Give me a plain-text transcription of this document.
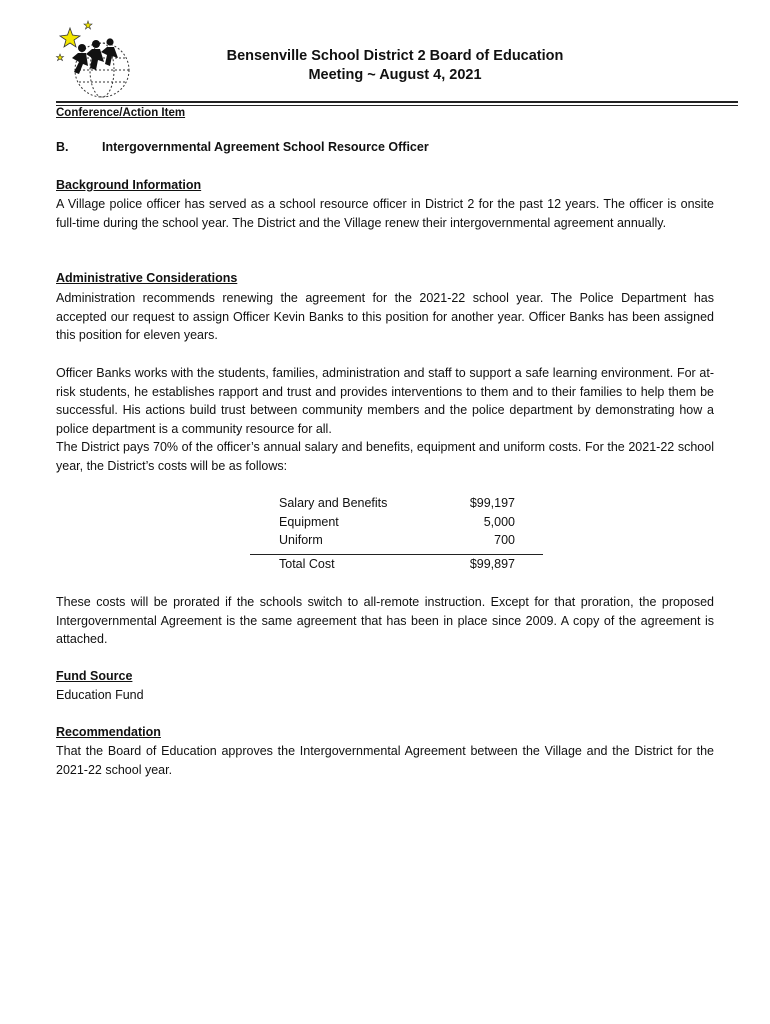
Bensenville School District 2 Board of Education
Meeting ~ August 4, 2021
Conference/Action Item
B.	Intergovernmental Agreement School Resource Officer
Background Information

A Village police officer has served as a school resource officer in District 2 for the past 12 years. The officer is onsite full-time during the school year. The District and the Village renew their intergovernmental agreement annually.

Administrative Considerations

Administration recommends renewing the agreement for the 2021-22 school year. The Police Department has accepted our request to assign Officer Kevin Banks to this position for another year. Officer Banks has been assigned this position for eleven years.

Officer Banks works with the students, families, administration and staff to support a safe learning environment. For at-risk students, he establishes rapport and trust and provides interventions to them and to their families to help them be successful. His actions build trust between community members and the police department by demonstrating how a police department is a community resource for all.

The District pays 70% of the officer’s annual salary and benefits, equipment and uniform costs. For the 2021-22 school year, the District’s costs will be as follows:

Salary and Benefits	$99,197
Equipment	5,000
Uniform	700
Total Cost	$99,897

These costs will be prorated if the schools switch to all-remote instruction. Except for that proration, the proposed Intergovernmental Agreement is the same agreement that has been in place since 2009. A copy of the agreement is attached.

Fund Source
Education Fund
Recommendation

That the Board of Education approves the Intergovernmental Agreement between the Village and the District for the 2021-22 school year.
